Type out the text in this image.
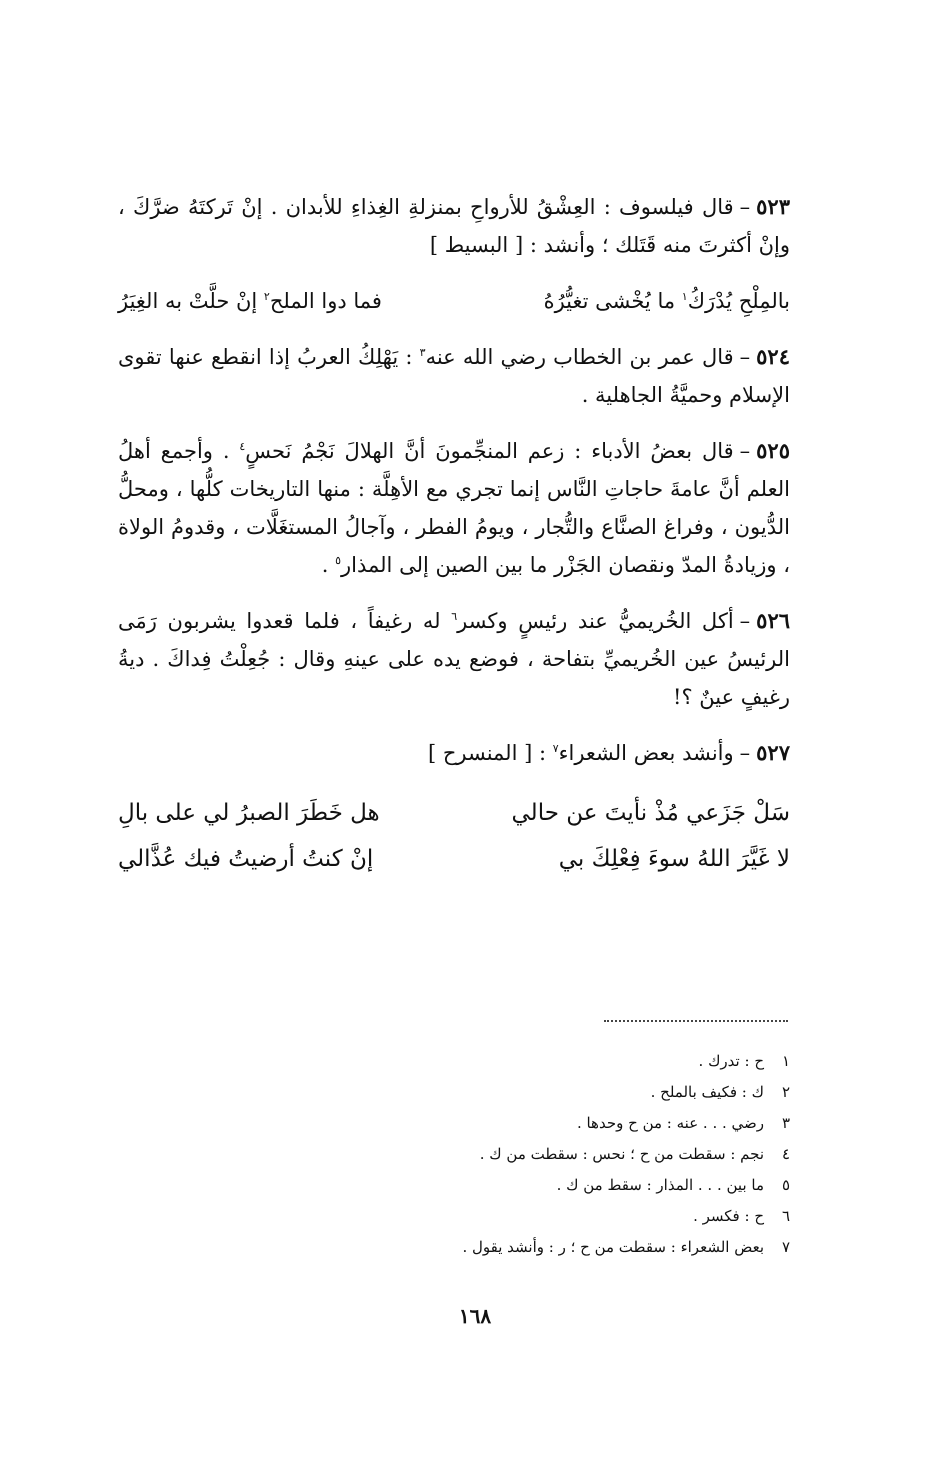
٥٢٣–قال فيلسوف : العِشْقُ للأرواحِ بمنزلةِ الغِذاءِ للأبدان . إنْ تَركتَهُ ضرَّكَ ، وإنْ أكثرتَ منه قَتَلك ؛ وأنشد : [ البسيط ]

بالمِلْحِ يُدْرَكُ$^١$ ما يُخْشى تغيُّرُهُ
فما دوا الملح$^٢$ إنْ حلَّتْ به الغِيَرُ

٥٢٤–قال عمر بن الخطاب رضي الله عنه$^٣$ : يَهْلِكُ العربُ إذا انقطع عنها تقوى الإسلام وحميَّةُ الجاهلية .

٥٢٥–قال بعضُ الأدباء : زعم المنجِّمونَ أنَّ الهلالَ نَجْمُ نَحسٍ$^٤$ . وأجمع أهلُ العلم أنَّ عامةَ حاجاتِ النَّاس إنما تجري مع الأهِلَّة : منها التاريخات كلُّها ، ومحلُّ الدُّيون ، وفراغ الصنَّاع والتُّجار ، ويومُ الفطر ، وآجالُ المستغَلَّات ، وقدومُ الولاة ، وزيادةُ المدّ ونقصان الجَزْر ما بين الصين إلى المذار$^٥$ .

٥٢٦–أكل الخُريميُّ عند رئيسٍ وكسر$^٦$ له رغيفاً ، فلما قعدوا يشربون رَمَى الرئيسُ عين الخُريميِّ بتفاحة ، فوضع يده على عينهِ وقال : جُعِلْتُ فِداكَ . ديةُ رغيفٍ عينٌ ؟!

٥٢٧–وأنشد بعض الشعراء$^٧$ : [ المنسرح ]

سَلْ جَزَعي مُذْ نأيتَ عن حالي
هل خَطَرَ الصبرُ لي على بالِ
لا غَيَّرَ اللهُ سوءَ فِعْلِكَ بي
إنْ كنتُ أرضيتُ فيك عُذَّالي
١
ح : تدرك .
٢
ك : فكيف بالملح .
٣
رضي . . . عنه : من ح وحدها .
٤
نجم : سقطت من ح ؛ نحس : سقطت من ك .
٥
ما بين . . . المذار : سقط من ك .
٦
ح : فكسر .
٧
بعض الشعراء : سقطت من ح ؛ ر : وأنشد يقول .
١٦٨
